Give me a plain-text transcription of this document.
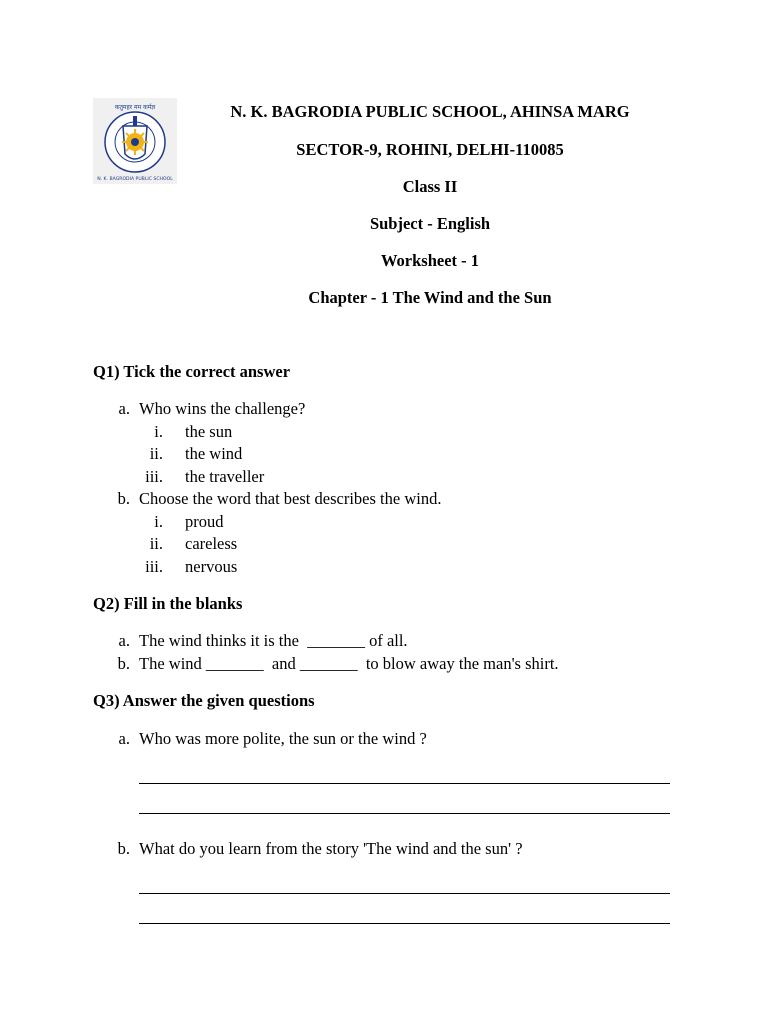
कतुमहर मम कर्मज्ञ
N. K. BAGRODIA PUBLIC SCHOOL
N. K. BAGRODIA PUBLIC SCHOOL, AHINSA MARG
SECTOR-9, ROHINI, DELHI-110085
Class II
Subject - English
Worksheet - 1
Chapter - 1 The Wind and the Sun
Q1) Tick the correct answer
a. Who wins the challenge?
i. the sun
ii. the wind
iii. the traveller
b. Choose the word that best describes the wind.
i. proud
ii. careless
iii. nervous
Q2) Fill in the blanks
a. The wind thinks it is the  _______ of all.
b. The wind _______  and _______  to blow away the man's shirt.
Q3) Answer the given questions
a. Who was more polite, the sun or the wind ?
b. What do you learn from the story 'The wind and the sun' ?
